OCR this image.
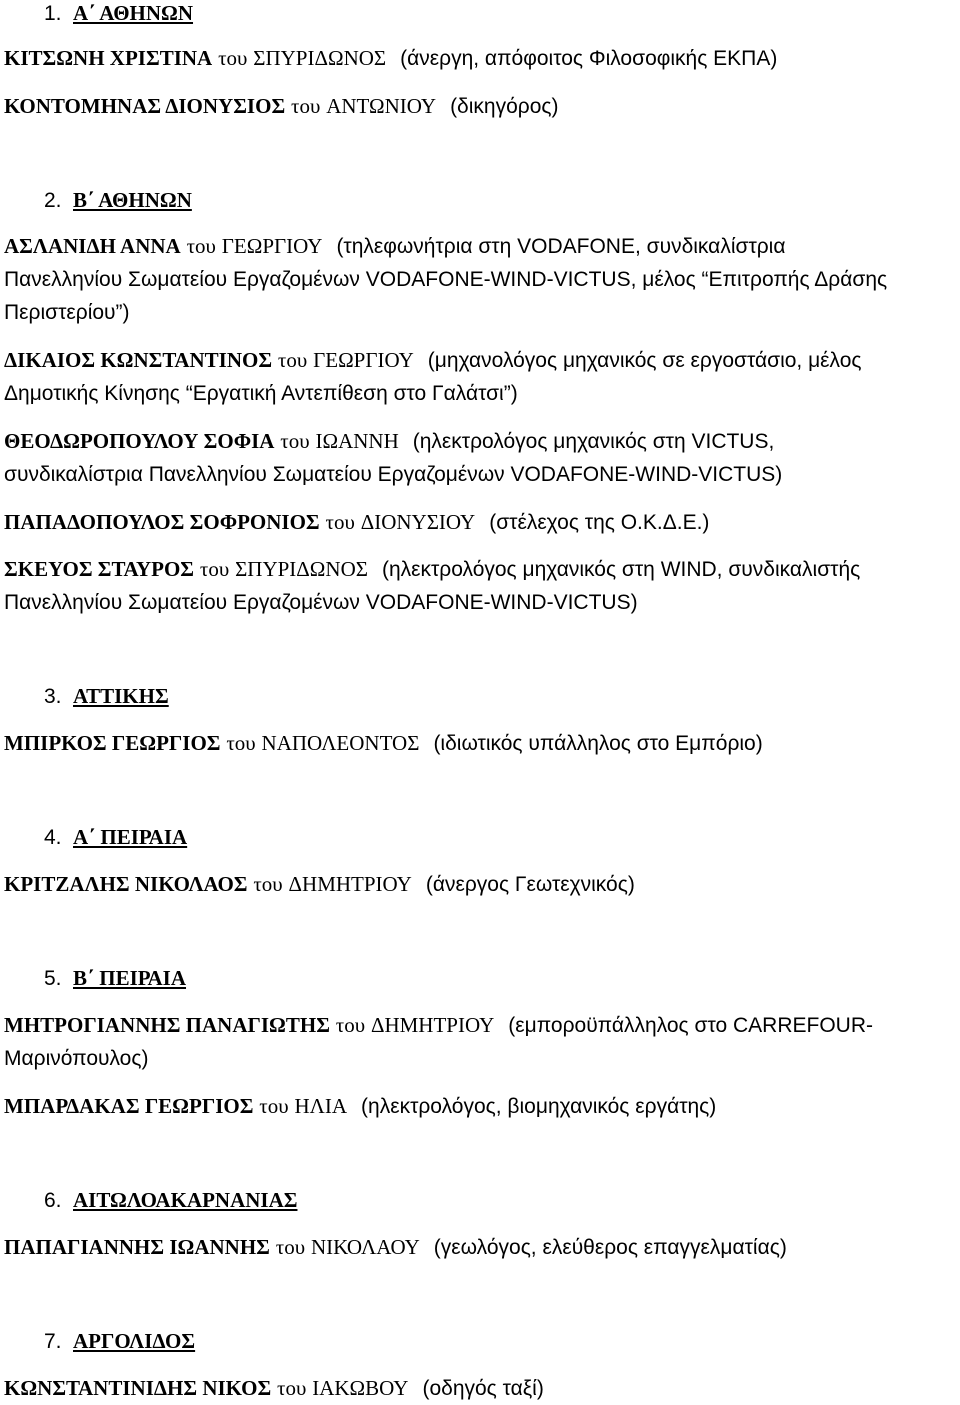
1. Α΄ ΑΘΗΝΩΝ
ΚΙΤΣΩΝΗ ΧΡΙΣΤΙΝΑ του ΣΠΥΡΙΔΩΝΟΣ (άνεργη, απόφοιτος Φιλοσοφικής ΕΚΠΑ)
ΚΟΝΤΟΜΗΝΑΣ ΔΙΟΝΥΣΙΟΣ του ΑΝΤΩΝΙΟΥ (δικηγόρος)
2. Β΄ ΑΘΗΝΩΝ
ΑΣΛΑΝΙΔΗ ΑΝΝΑ του ΓΕΩΡΓΙΟΥ (τηλεφωνήτρια στη VODAFONE, συνδικαλίστρια
Πανελληνίου Σωματείου Εργαζομένων VODAFONE-WIND-VICTUS, μέλος “Επιτροπής Δράσης
Περιστερίου”)
ΔΙΚΑΙΟΣ ΚΩΝΣΤΑΝΤΙΝΟΣ του ΓΕΩΡΓΙΟΥ (μηχανολόγος μηχανικός σε εργοστάσιο, μέλος
Δημοτικής Κίνησης “Εργατική Αντεπίθεση στο Γαλάτσι”)
ΘΕΟΔΩΡΟΠΟΥΛΟΥ ΣΟΦΙΑ του ΙΩΑΝΝΗ (ηλεκτρολόγος μηχανικός στη VICTUS,
συνδικαλίστρια Πανελληνίου Σωματείου Εργαζομένων VODAFONE-WIND-VICTUS)
ΠΑΠΑΔΟΠΟΥΛΟΣ ΣΟΦΡΟΝΙΟΣ του ΔΙΟΝΥΣΙΟΥ (στέλεχος της Ο.Κ.Δ.Ε.)
ΣΚΕΥΟΣ ΣΤΑΥΡΟΣ του ΣΠΥΡΙΔΩΝΟΣ (ηλεκτρολόγος μηχανικός στη WIND, συνδικαλιστής
Πανελληνίου Σωματείου Εργαζομένων VODAFONE-WIND-VICTUS)
3. ΑΤΤΙΚΗΣ
ΜΠΙΡΚΟΣ ΓΕΩΡΓΙΟΣ του ΝΑΠΟΛΕΟΝΤΟΣ (ιδιωτικός υπάλληλος στο Εμπόριο)
4. Α΄ ΠΕΙΡΑΙΑ
ΚΡΙΤΖΑΛΗΣ ΝΙΚΟΛΑΟΣ του ΔΗΜΗΤΡΙΟΥ (άνεργος Γεωτεχνικός)
5. Β΄ ΠΕΙΡΑΙΑ
ΜΗΤΡΟΓΙΑΝΝΗΣ ΠΑΝΑΓΙΩΤΗΣ του ΔΗΜΗΤΡΙΟΥ (εμποροϋπάλληλος στο CARREFOUR-
Μαρινόπουλος)
ΜΠΑΡΔΑΚΑΣ ΓΕΩΡΓΙΟΣ του ΗΛΙΑ (ηλεκτρολόγος, βιομηχανικός εργάτης)
6. ΑΙΤΩΛΟΑΚΑΡΝΑΝΙΑΣ
ΠΑΠΑΓΙΑΝΝΗΣ ΙΩΑΝΝΗΣ του ΝΙΚΟΛΑΟΥ (γεωλόγος, ελεύθερος επαγγελματίας)
7. ΑΡΓΟΛΙΔΟΣ
ΚΩΝΣΤΑΝΤΙΝΙΔΗΣ ΝΙΚΟΣ του ΙΑΚΩΒΟΥ (οδηγός ταξί)
